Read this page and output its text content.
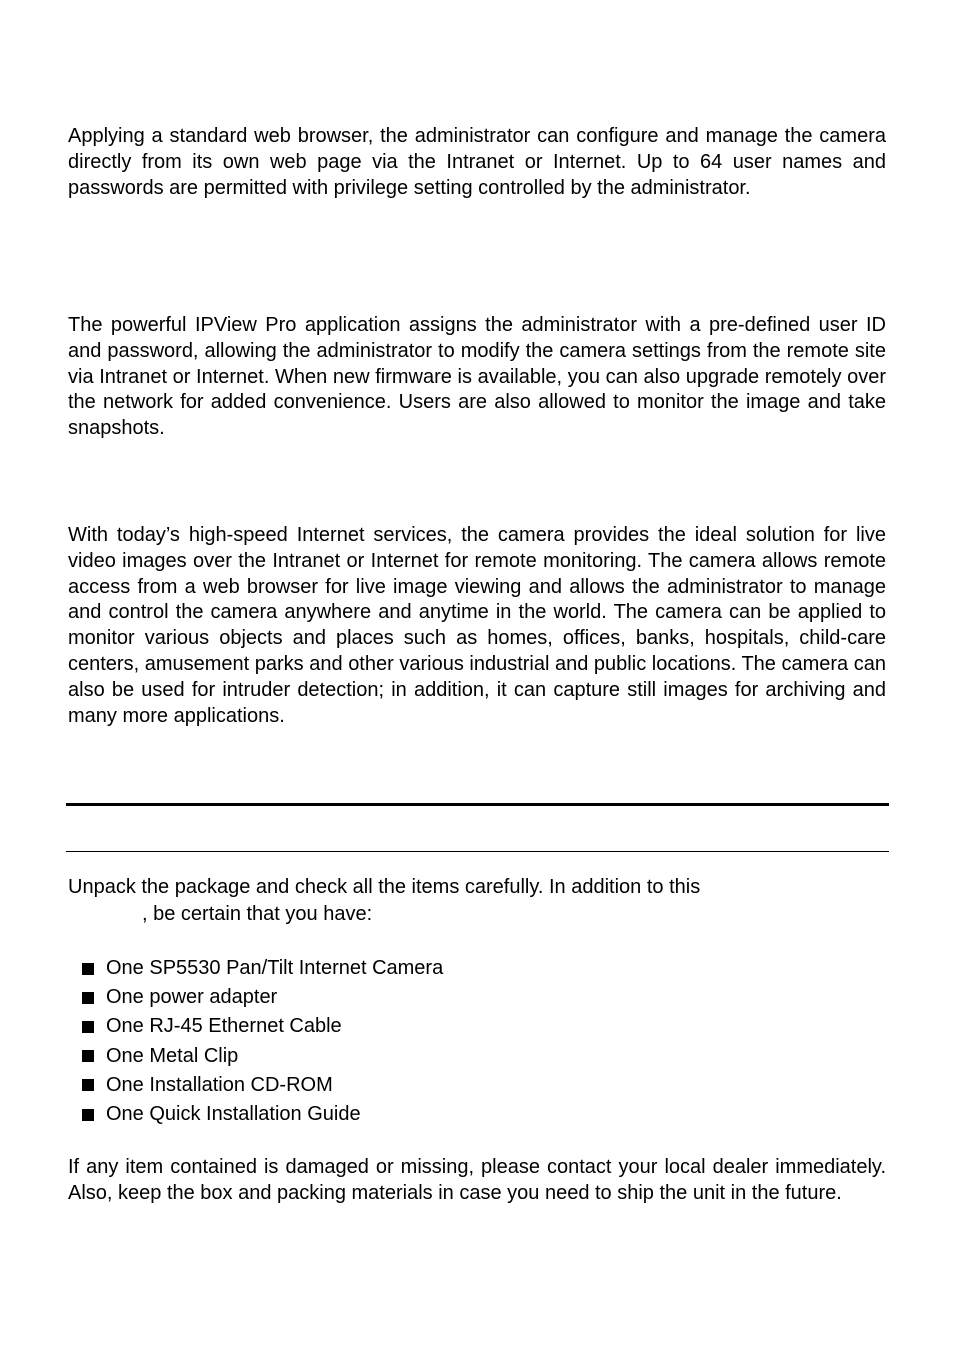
Applying a standard web browser, the administrator can configure and manage the camera directly from its own web page via the Intranet or Internet. Up to 64 user names and passwords are permitted with privilege setting controlled by the administrator.

The powerful IPView Pro application assigns the administrator with a pre-defined user ID and password, allowing the administrator to modify the camera settings from the remote site via Intranet or Internet. When new firmware is available, you can also upgrade remotely over the network for added convenience. Users are also allowed to monitor the image and take snapshots.

With today’s high-speed Internet services, the camera provides the ideal solution for live video images over the Intranet or Internet for remote monitoring. The camera allows remote access from a web browser for live image viewing and allows the administrator to manage and control the camera anywhere and anytime in the world. The camera can be applied to monitor various objects and places such as homes, offices, banks, hospitals, child-care centers, amusement parks and other various industrial and public locations. The camera can also be used for intruder detection; in addition, it can capture still images for archiving and many more applications.

Unpack the package and check all the items carefully. In addition to this
, be certain that you have:
One SP5530 Pan/Tilt Internet Camera
One power adapter
One RJ-45 Ethernet Cable
One Metal Clip
One Installation CD-ROM
One Quick Installation Guide

If any item contained is damaged or missing, please contact your local dealer immediately. Also, keep the box and packing materials in case you need to ship the unit in the future.
